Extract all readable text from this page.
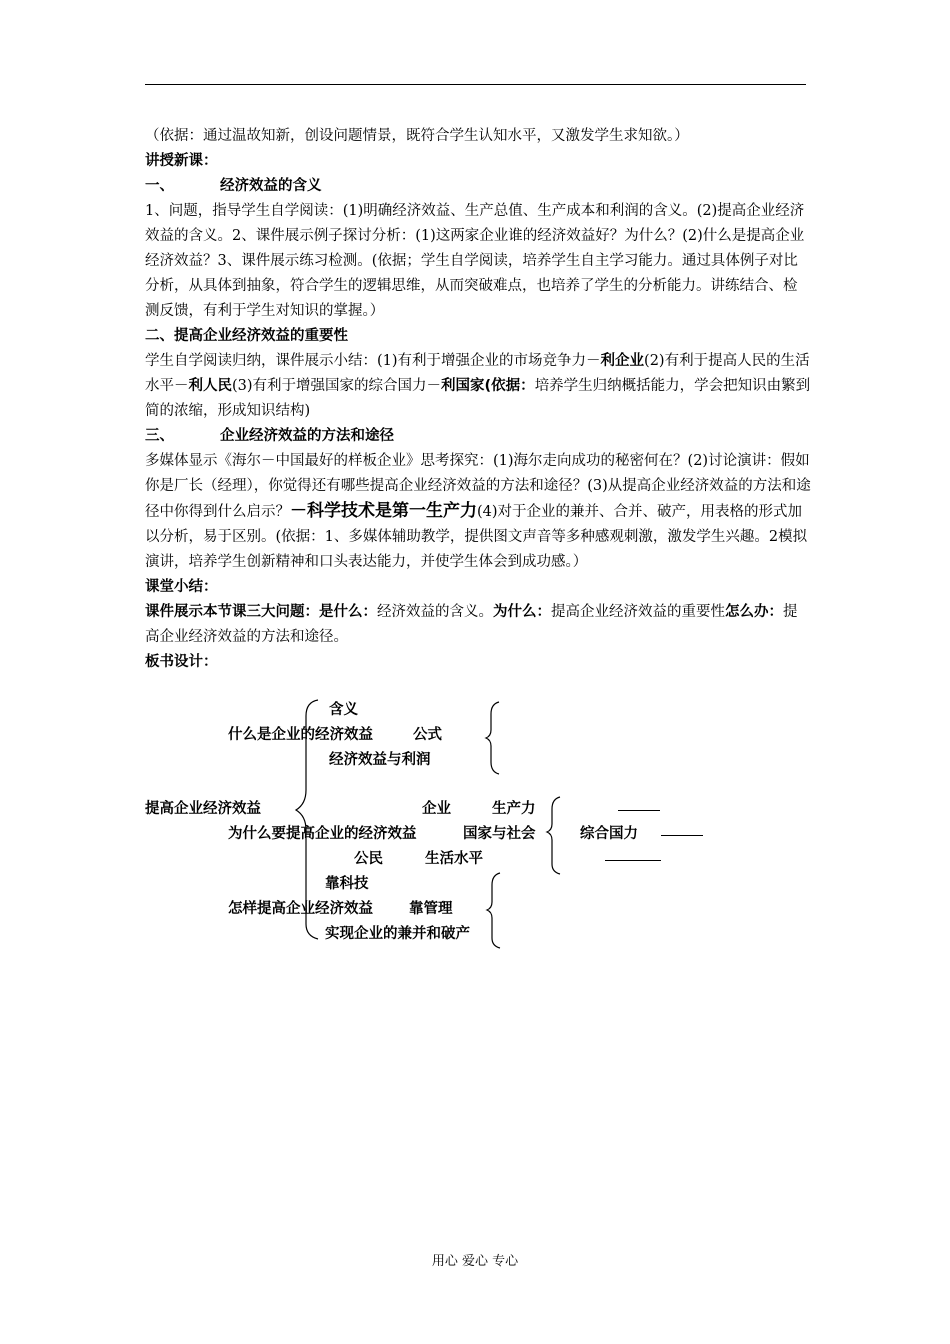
（依据：通过温故知新，创设问题情景，既符合学生认知水平，又激发学生求知欲。）

讲授新课：

一、	经济效益的含义

1、问题，指导学生自学阅读：(1)明确经济效益、生产总值、生产成本和利润的含义。(2)提高企业经济效益的含义。2、课件展示例子探讨分析：(1)这两家企业谁的经济效益好？为什么？(2)什么是提高企业经济效益？3、课件展示练习检测。(依据；学生自学阅读，培养学生自主学习能力。通过具体例子对比分析，从具体到抽象，符合学生的逻辑思维，从而突破难点，也培养了学生的分析能力。讲练结合、检测反馈，有利于学生对知识的掌握。）

二、提高企业经济效益的重要性

学生自学阅读归纳，课件展示小结：(1)有利于增强企业的市场竞争力－利企业(2)有利于提高人民的生活水平－利人民(3)有利于增强国家的综合国力－利国家(依据：培养学生归纳概括能力，学会把知识由繁到简的浓缩，形成知识结构)

三、	企业经济效益的方法和途径

多媒体显示《海尔－中国最好的样板企业》思考探究：(1)海尔走向成功的秘密何在？(2)讨论演讲：假如你是厂长（经理），你觉得还有哪些提高企业经济效益的方法和途径？(3)从提高企业经济效益的方法和途径中你得到什么启示？－科学技术是第一生产力(4)对于企业的兼并、合并、破产，用表格的形式加以分析，易于区别。(依据：1、多媒体辅助教学，提供图文声音等多种感观刺激，激发学生兴趣。2模拟演讲，培养学生创新精神和口头表达能力，并使学生体会到成功感。）

课堂小结：

课件展示本节课三大问题：是什么：经济效益的含义。为什么：提高企业经济效益的重要性怎么办：提高企业经济效益的方法和途径。

板书设计：

含义
什么是企业的经济效益	公式
经济效益与利润
提高企业经济效益	企业	生产力
为什么要提高企业的经济效益	国家与社会	综合国力
公民	生活水平
靠科技
怎样提高企业经济效益 靠管理
实现企业的兼并和破产
用心 爱心 专心
